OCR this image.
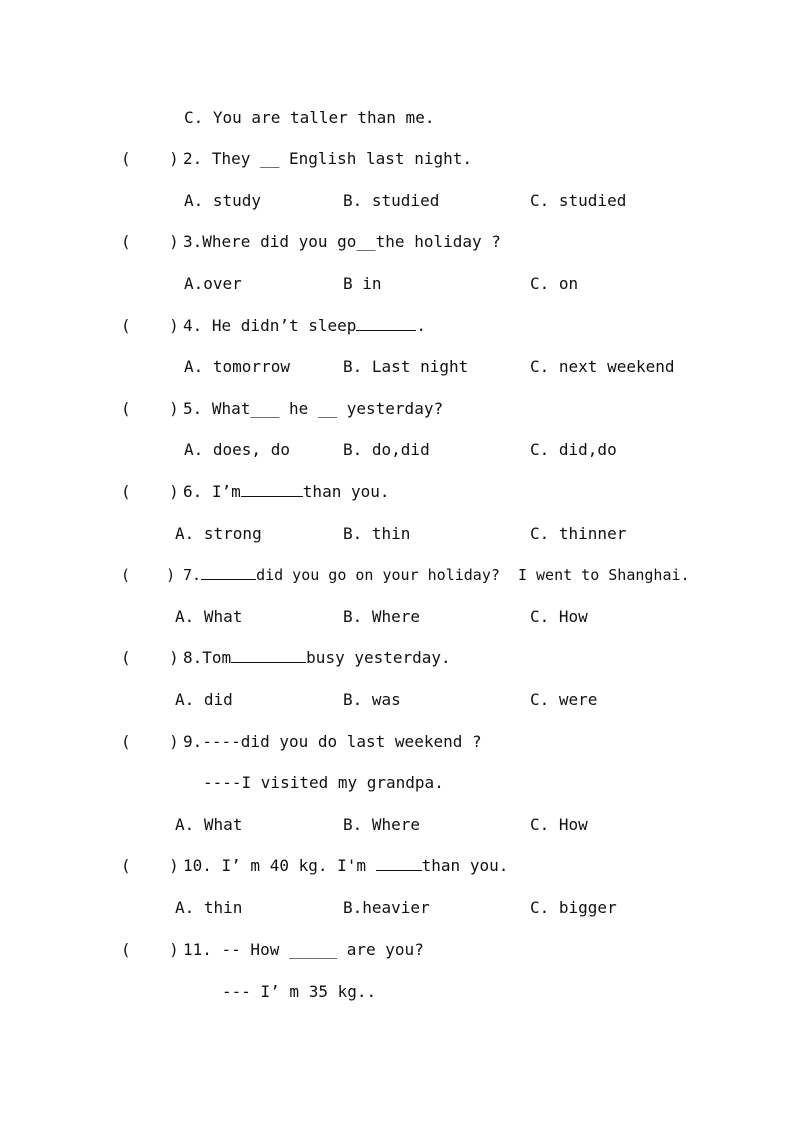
C. You are taller than me.
(    ) 2. They __ English last night.
A. study	B. studied	C. studied
(    ) 3.Where did you go__the holiday ?
A.over	B in	C. on
(    ) 4. He didn’t sleep	.
A. tomorrow	B. Last night	C. next weekend
(    ) 5. What___ he __ yesterday?
A. does, do	B. do,did	C. did,do
(    ) 6. I’m	than you.
A. strong	B. thin	C. thinner
(    ) 7.	did you go on your holiday?  I went to Shanghai.
A. What	B. Where	C. How
(    ) 8.Tom	busy yesterday.
A. did	B. was	C. were
(    ) 9.----did you do last weekend ?
----I visited my grandpa.
A. What	B. Where	C. How
(    ) 10. I’ m 40 kg. I'm	than you.
A. thin	B.heavier	C. bigger
(    ) 11. -- How _____ are you?
--- I’ m 35 kg..
